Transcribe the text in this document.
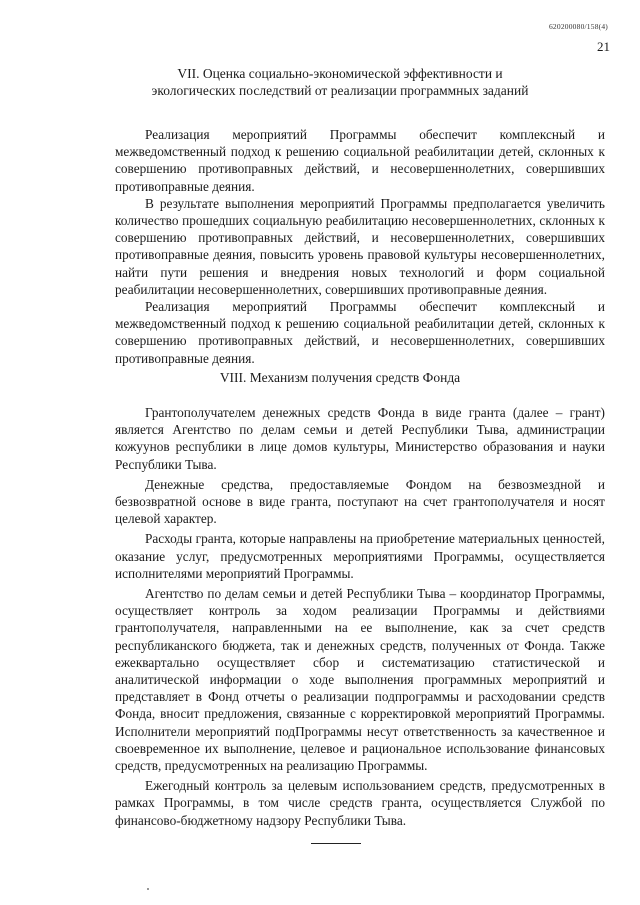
620200080/158(4)
21
VII. Оценка социально-экономической эффективности и
экологических последствий от реализации программных заданий

Реализация мероприятий Программы обеспечит комплексный и межведомственный подход к решению социальной реабилитации детей, склонных к совершению противоправных действий, и несовершеннолетних, совершивших противоправные деяния.

В результате выполнения мероприятий Программы предполагается увеличить количество прошедших социальную реабилитацию несовершеннолетних, склонных к совершению противоправных действий, и несовершеннолетних, совершивших противоправные деяния, повысить уровень правовой культуры несовершеннолетних, найти пути решения и внедрения новых технологий и форм социальной реабилитации несовершеннолетних, совершивших противоправные деяния.

Реализация мероприятий Программы обеспечит комплексный и межведомственный подход к решению социальной реабилитации детей, склонных к совершению противоправных действий, и несовершеннолетних, совершивших противоправные деяния.

VIII. Механизм получения средств Фонда

Грантополучателем денежных средств Фонда в виде гранта (далее – грант) является Агентство по делам семьи и детей Республики Тыва, администрации кожуунов республики в лице домов культуры, Министерство образования и науки Республики Тыва.

Денежные средства, предоставляемые Фондом на безвозмездной и безвозвратной основе в виде гранта, поступают на счет грантополучателя и носят целевой характер.

Расходы гранта, которые направлены на приобретение материальных ценностей, оказание услуг, предусмотренных мероприятиями Программы, осуществляется исполнителями мероприятий Программы.

Агентство по делам семьи и детей Республики Тыва – координатор Программы, осуществляет контроль за ходом реализации Программы и действиями грантополучателя, направленными на ее выполнение, как за счет средств республиканского бюджета, так и денежных средств, полученных от Фонда. Также ежеквартально осуществляет сбор и систематизацию статистической и аналитической информации о ходе выполнения программных мероприятий и представляет в Фонд отчеты о реализации подпрограммы и расходовании средств Фонда, вносит предложения, связанные с корректировкой мероприятий Программы. Исполнители мероприятий подПрограммы несут ответственность за качественное и своевременное их выполнение, целевое и рациональное использование финансовых средств, предусмотренных на реализацию Программы.

Ежегодный контроль за целевым использованием средств, предусмотренных в рамках Программы, в том числе средств гранта, осуществляется Службой по финансово-бюджетному надзору Республики Тыва.
